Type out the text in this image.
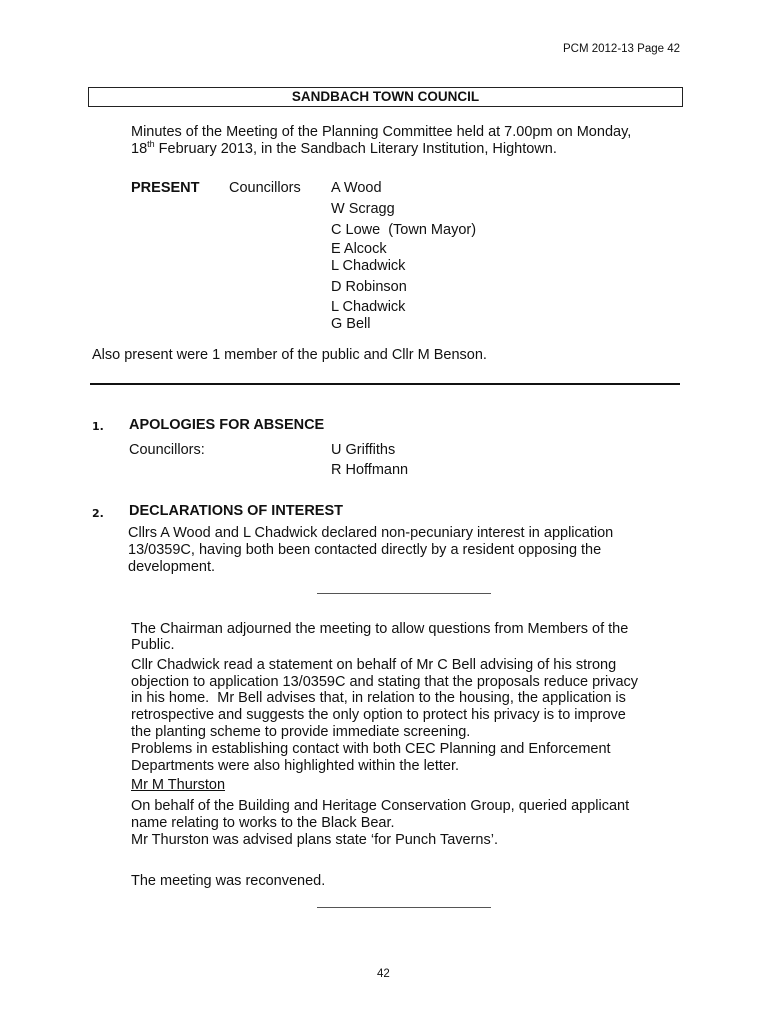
PCM 2012-13 Page 42
SANDBACH TOWN COUNCIL
Minutes of the Meeting of the Planning Committee held at 7.00pm on Monday,
18th February 2013, in the Sandbach Literary Institution, Hightown.
PRESENT Councillors A Wood
W Scragg
C Lowe  (Town Mayor)
E Alcock
L Chadwick
D Robinson
L Chadwick
G Bell
Also present were 1 member of the public and Cllr M Benson.
1. APOLOGIES FOR ABSENCE
Councillors:	U Griffiths
R Hoffmann
2. DECLARATIONS OF INTEREST
Cllrs A Wood and L Chadwick declared non-pecuniary interest in application
13/0359C, having both been contacted directly by a resident opposing the
development.
The Chairman adjourned the meeting to allow questions from Members of the
Public.
Cllr Chadwick read a statement on behalf of Mr C Bell advising of his strong
objection to application 13/0359C and stating that the proposals reduce privacy
in his home.  Mr Bell advises that, in relation to the housing, the application is
retrospective and suggests the only option to protect his privacy is to improve
the planting scheme to provide immediate screening.
Problems in establishing contact with both CEC Planning and Enforcement
Departments were also highlighted within the letter.
Mr M Thurston
On behalf of the Building and Heritage Conservation Group, queried applicant
name relating to works to the Black Bear.
Mr Thurston was advised plans state ‘for Punch Taverns’.
The meeting was reconvened.
42
